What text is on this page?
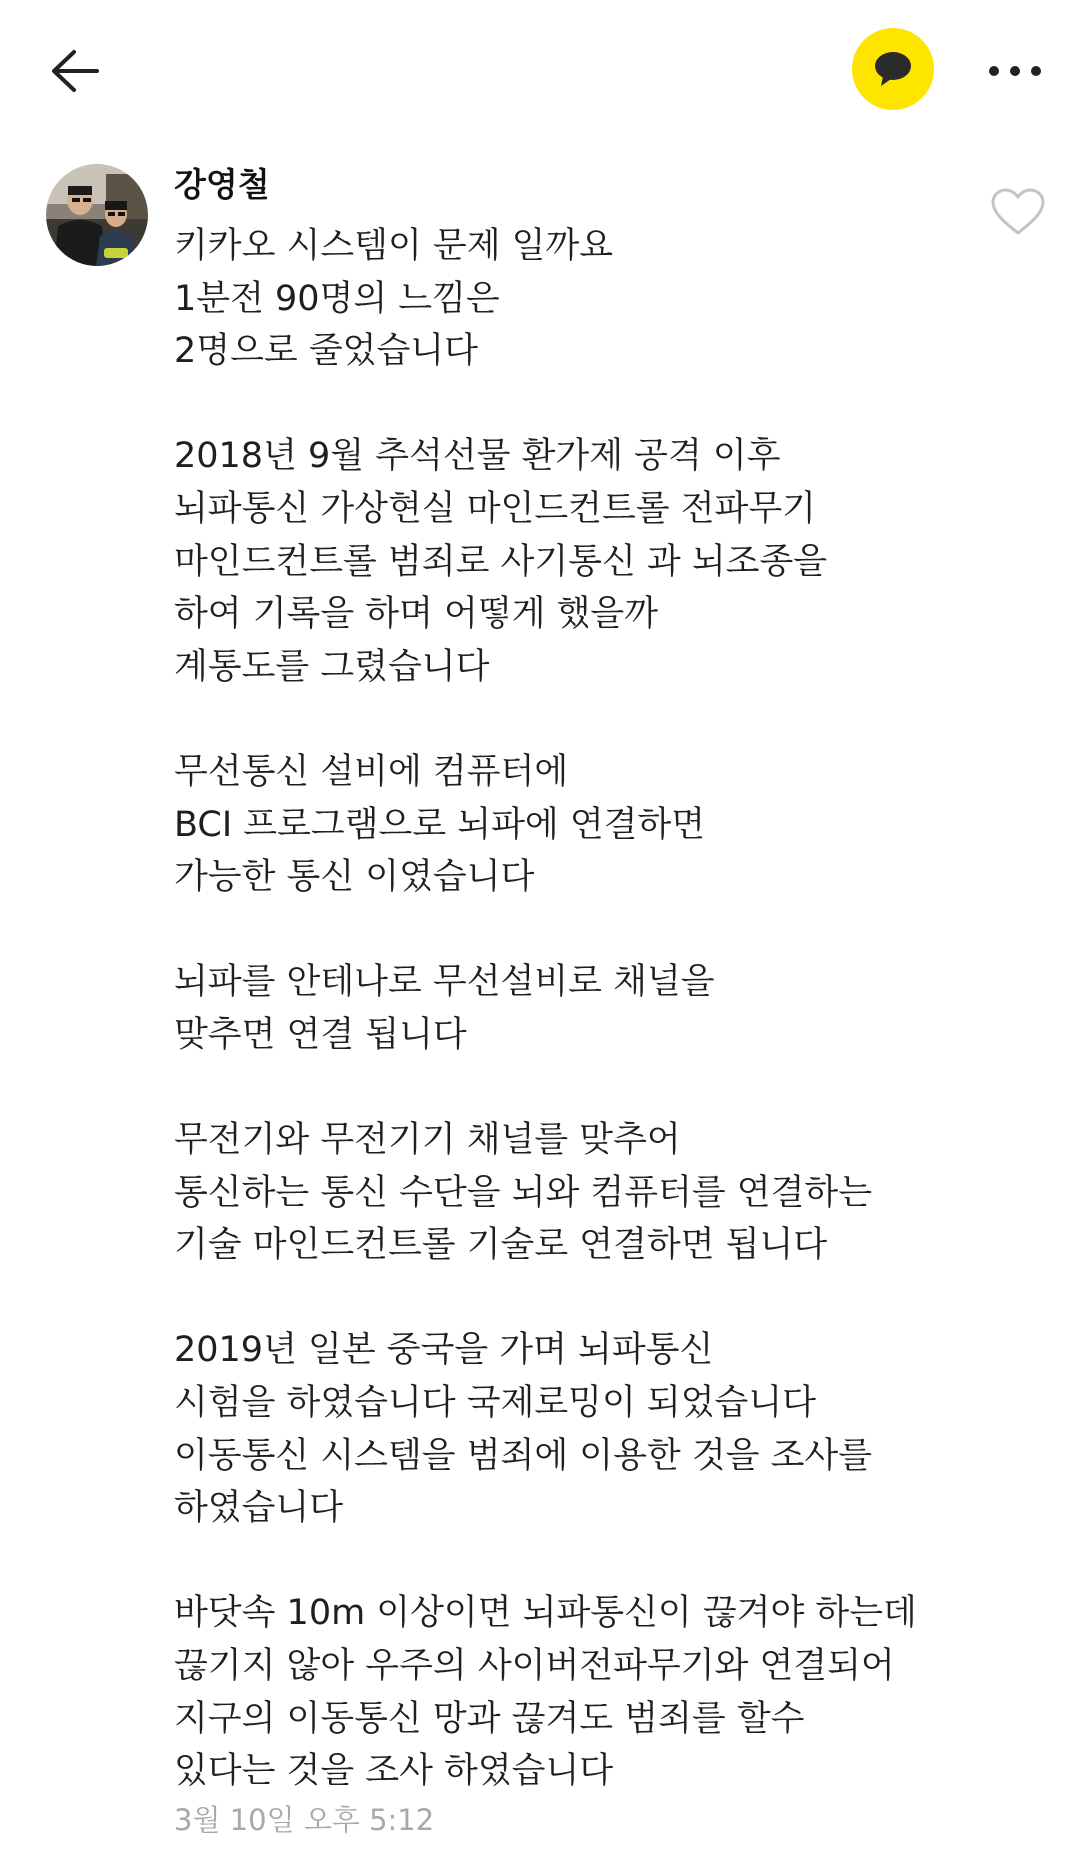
강영철
키카오 시스템이 문제 일까요
1분전 90명의 느낌은
2명으로 줄었습니다
2018년 9월 추석선물 환가제 공격 이후
뇌파통신 가상현실 마인드컨트롤 전파무기
마인드컨트롤 범죄로 사기통신 과 뇌조종을
하여 기록을 하며 어떻게 했을까
계통도를 그렸습니다
무선통신 설비에 컴퓨터에
BCI 프로그램으로 뇌파에 연결하면
가능한 통신 이였습니다
뇌파를 안테나로 무선설비로 채널을
맞추면 연결 됩니다
무전기와 무전기기 채널를 맞추어
통신하는 통신 수단을 뇌와 컴퓨터를 연결하는
기술 마인드컨트롤 기술로 연결하면 됩니다
2019년 일본 중국을 가며 뇌파통신
시험을 하였습니다 국제로밍이 되었습니다
이동통신 시스템을 범죄에 이용한 것을 조사를
하였습니다
바닷속 10m 이상이면 뇌파통신이 끊겨야 하는데
끊기지 않아 우주의 사이버전파무기와 연결되어
지구의 이동통신 망과 끊겨도 범죄를 할수
있다는 것을 조사 하였습니다
3월 10일 오후 5:12
